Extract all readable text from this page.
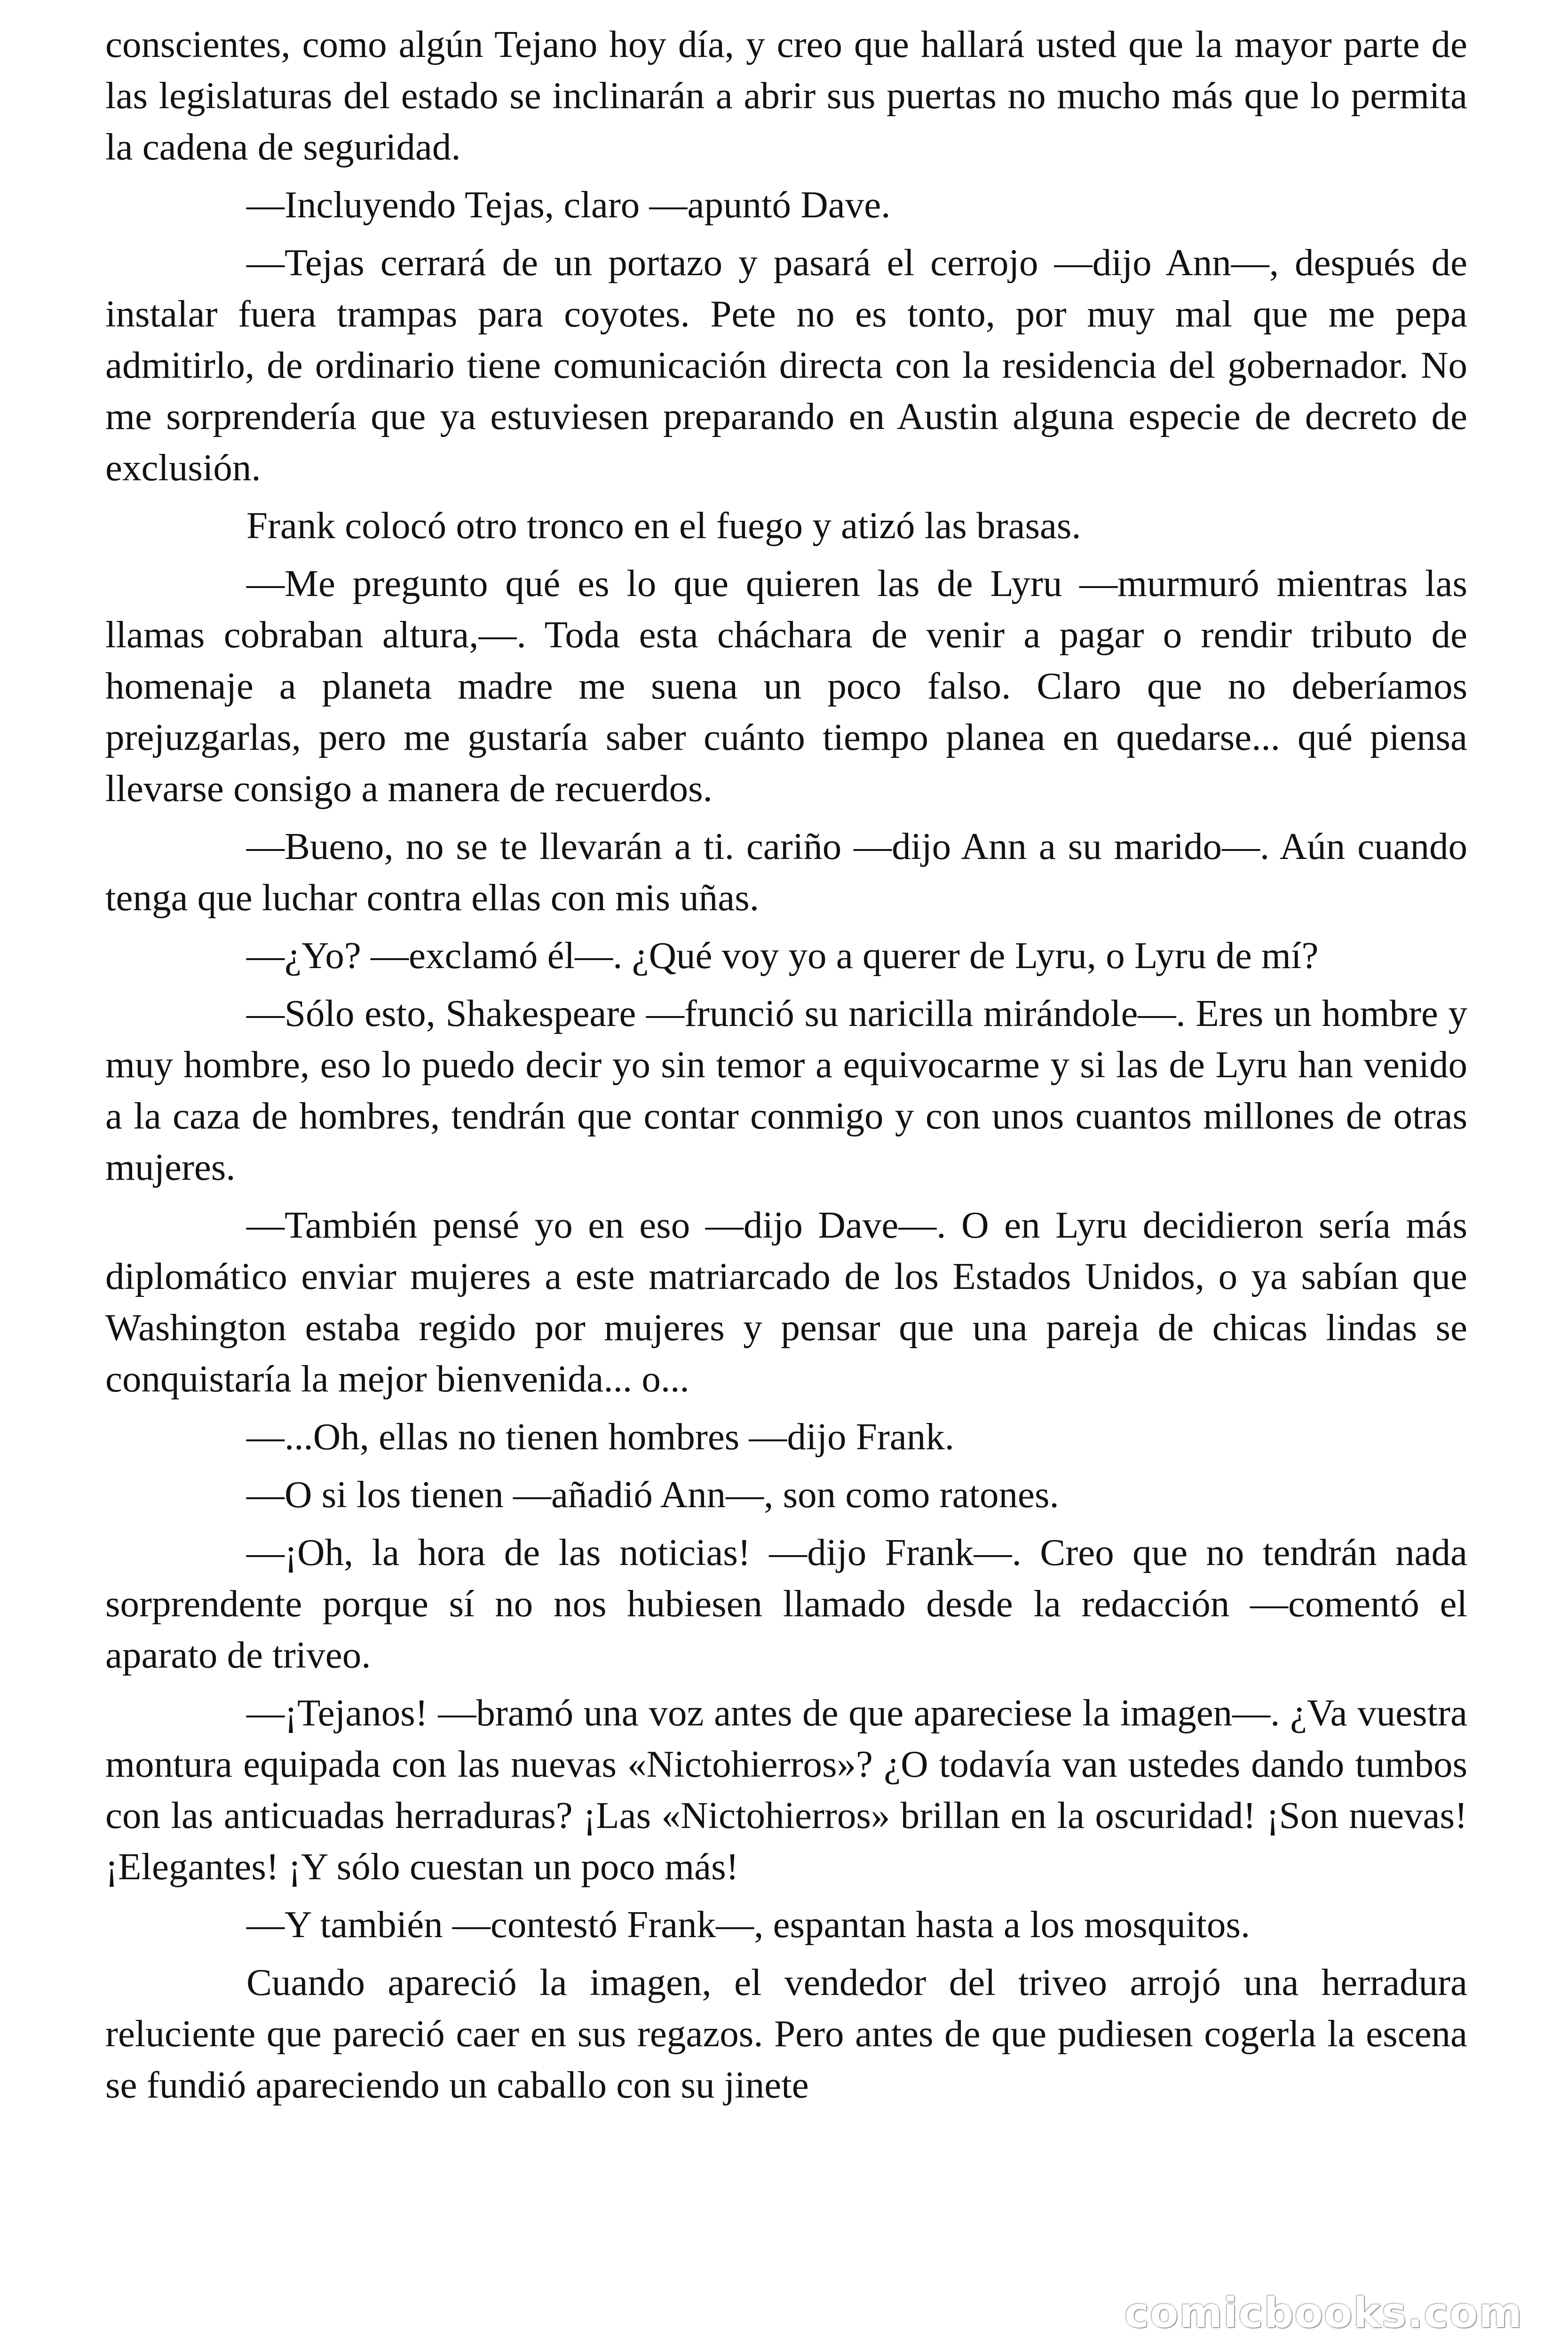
conscientes, como algún Tejano hoy día, y creo que hallará usted que la mayor parte de las legislaturas del estado se inclinarán a abrir sus puertas no mucho más que lo permita la cadena de seguridad.

—Incluyendo Tejas, claro —apuntó Dave.

—Tejas cerrará de un portazo y pasará el cerrojo —dijo Ann—, después de instalar fuera trampas para coyotes. Pete no es tonto, por muy mal que me pepa admitirlo, de ordinario tiene comunicación directa con la residencia del gobernador. No me sorprendería que ya estuviesen preparando en Austin alguna especie de decreto de exclusión.

Frank colocó otro tronco en el fuego y atizó las brasas.

—Me pregunto qué es lo que quieren las de Lyru —murmuró mientras las llamas cobraban altura,—. Toda esta cháchara de venir a pagar o rendir tributo de homenaje a planeta madre me suena un poco falso. Claro que no deberíamos prejuzgarlas, pero me gustaría saber cuánto tiempo planea en quedarse... qué piensa llevarse consigo a manera de recuerdos.

—Bueno, no se te llevarán a ti. cariño —dijo Ann a su marido—. Aún cuando tenga que luchar contra ellas con mis uñas.

—¿Yo? —exclamó él—. ¿Qué voy yo a querer de Lyru, o Lyru de mí?

—Sólo esto, Shakespeare —frunció su naricilla mirándole—. Eres un hombre y muy hombre, eso lo puedo decir yo sin temor a equivocarme y si las de Lyru han venido a la caza de hombres, tendrán que contar conmigo y con unos cuantos millones de otras mujeres.

—También pensé yo en eso —dijo Dave—. O en Lyru decidieron sería más diplomático enviar mujeres a este matriarcado de los Estados Unidos, o ya sabían que Washington estaba regido por mujeres y pensar que una pareja de chicas lindas se conquistaría la mejor bienvenida... o...

—...Oh, ellas no tienen hombres —dijo Frank.

—O si los tienen —añadió Ann—, son como ratones.

—¡Oh, la hora de las noticias! —dijo Frank—. Creo que no tendrán nada sorprendente porque sí no nos hubiesen llamado desde la redacción —comentó el aparato de triveo.

—¡Tejanos! —bramó una voz antes de que apareciese la imagen—. ¿Va vuestra montura equipada con las nuevas «Nictohierros»? ¿O todavía van ustedes dando tumbos con las anticuadas herraduras? ¡Las «Nictohierros» brillan en la oscuridad! ¡Son nuevas! ¡Elegantes! ¡Y sólo cuestan un poco más!

—Y también —contestó Frank—, espantan hasta a los mosquitos.

Cuando apareció la imagen, el vendedor del triveo arrojó una herradura reluciente que pareció caer en sus regazos. Pero antes de que pudiesen cogerla la escena se fundió apareciendo un caballo con su jinete

comicbooks.com
